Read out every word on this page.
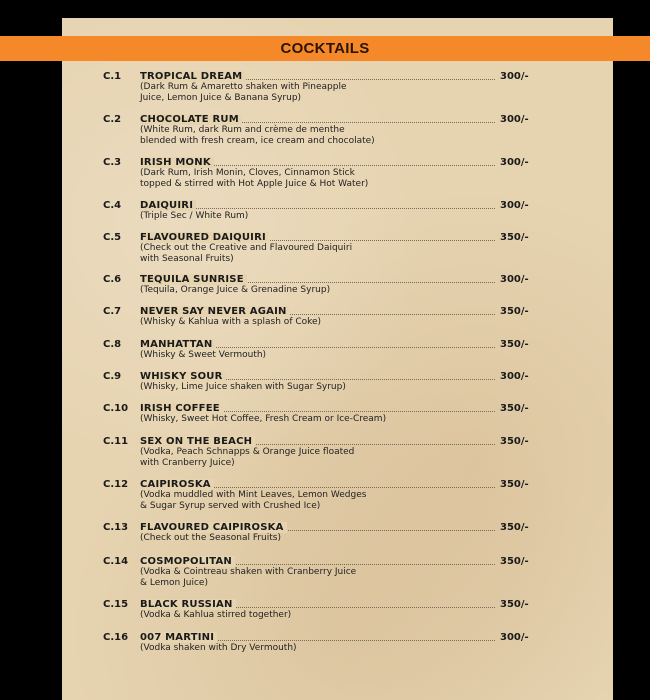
COCKTAILS
C.1 TROPICAL DREAM	300/-
(Dark Rum & Amaretto shaken with Pineapple
Juice, Lemon Juice & Banana Syrup)
C.2 CHOCOLATE RUM	300/-
(White Rum, dark Rum and crème de menthe
blended with fresh cream, ice cream and chocolate)
C.3 IRISH MONK	300/-
(Dark Rum, Irish Monin, Cloves, Cinnamon Stick
topped & stirred with Hot Apple Juice & Hot Water)
C.4 DAIQUIRI	300/-
(Triple Sec / White Rum)
C.5 FLAVOURED DAIQUIRI	350/-
(Check out the Creative and Flavoured Daiquiri
with Seasonal Fruits)
C.6 TEQUILA SUNRISE	300/-
(Tequila, Orange Juice & Grenadine Syrup)
C.7 NEVER SAY NEVER AGAIN	350/-
(Whisky & Kahlua with a splash of Coke)
C.8 MANHATTAN	350/-
(Whisky & Sweet Vermouth)
C.9 WHISKY SOUR	300/-
(Whisky, Lime Juice shaken with Sugar Syrup)
C.10 IRISH COFFEE	350/-
(Whisky, Sweet Hot Coffee, Fresh Cream or Ice-Cream)
C.11 SEX ON THE BEACH	350/-
(Vodka, Peach Schnapps & Orange Juice floated
with Cranberry Juice)
C.12 CAIPIROSKA	350/-
(Vodka muddled with Mint Leaves, Lemon Wedges
& Sugar Syrup served with Crushed Ice)
C.13 FLAVOURED CAIPIROSKA	350/-
(Check out the Seasonal Fruits)
C.14 COSMOPOLITAN	350/-
(Vodka & Cointreau shaken with Cranberry Juice
& Lemon Juice)
C.15 BLACK RUSSIAN	350/-
(Vodka & Kahlua stirred together)
C.16 007 MARTINI	300/-
(Vodka shaken with Dry Vermouth)
